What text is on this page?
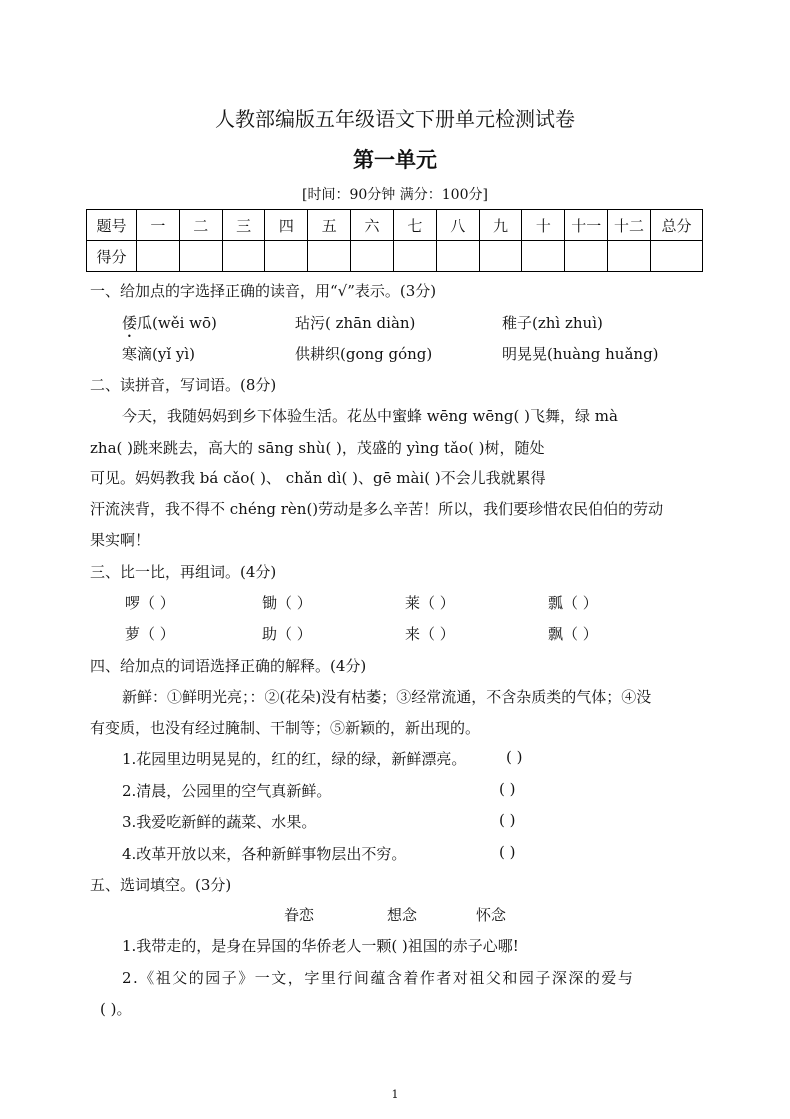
人教部编版五年级语文下册单元检测试卷
第一单元
[时间：90分钟 满分：100分]
题号	一	二	三	四	五	六	七	八	九	十	十一	十二	总分
得分													
一、给加点的字选择正确的读音，用“√”表示。(3分)
倭瓜(wěi wō)	玷污( zhān diàn)	稚子(zhì zhuì)
寒滴(yǐ yì)	供耕织(gong góng)	明晃晃(huàng huǎng)
二、读拼音，写词语。(8分)
今天，我随妈妈到乡下体验生活。花丛中蜜蜂 wēng wēng( )飞舞，绿 mà
zha( )跳来跳去，高大的 sāng shù( )，茂盛的 yìng tǎo( )树，随处
可见。妈妈教我 bá cǎo( )、 chǎn dì( )、gē mài( )不会儿我就累得
汗流浃背，我不得不 chéng rèn()劳动是多么辛苦！所以，我们要珍惜农民伯伯的劳动
果实啊！
三、比一比，再组词。(4分)
啰（ ）	锄（ ）	莱（ ）	瓢（ ）
萝（ ）	助（ ）	来（ ）	飘（ ）
四、给加点的词语选择正确的解释。(4分)
新鲜：①鲜明光亮；：②(花朵)没有枯萎；③经常流通，不含杂质类的气体；④没
有变质，也没有经过腌制、干制等；⑤新颖的，新出现的。
1.花园里边明晃晃的，红的红，绿的绿，新鲜漂亮。	( )
2.清晨，公园里的空气真新鲜。	( )
3.我爱吃新鲜的蔬菜、水果。	( )
4.改革开放以来，各种新鲜事物层出不穷。	( )
五、选词填空。(3分)
眷恋	想念	怀念
1.我带走的，是身在异国的华侨老人一颗( )祖国的赤子心哪!
2.《祖父的园子》一文，字里行间蕴含着作者对祖父和园子深深的爱与
( )。
1
